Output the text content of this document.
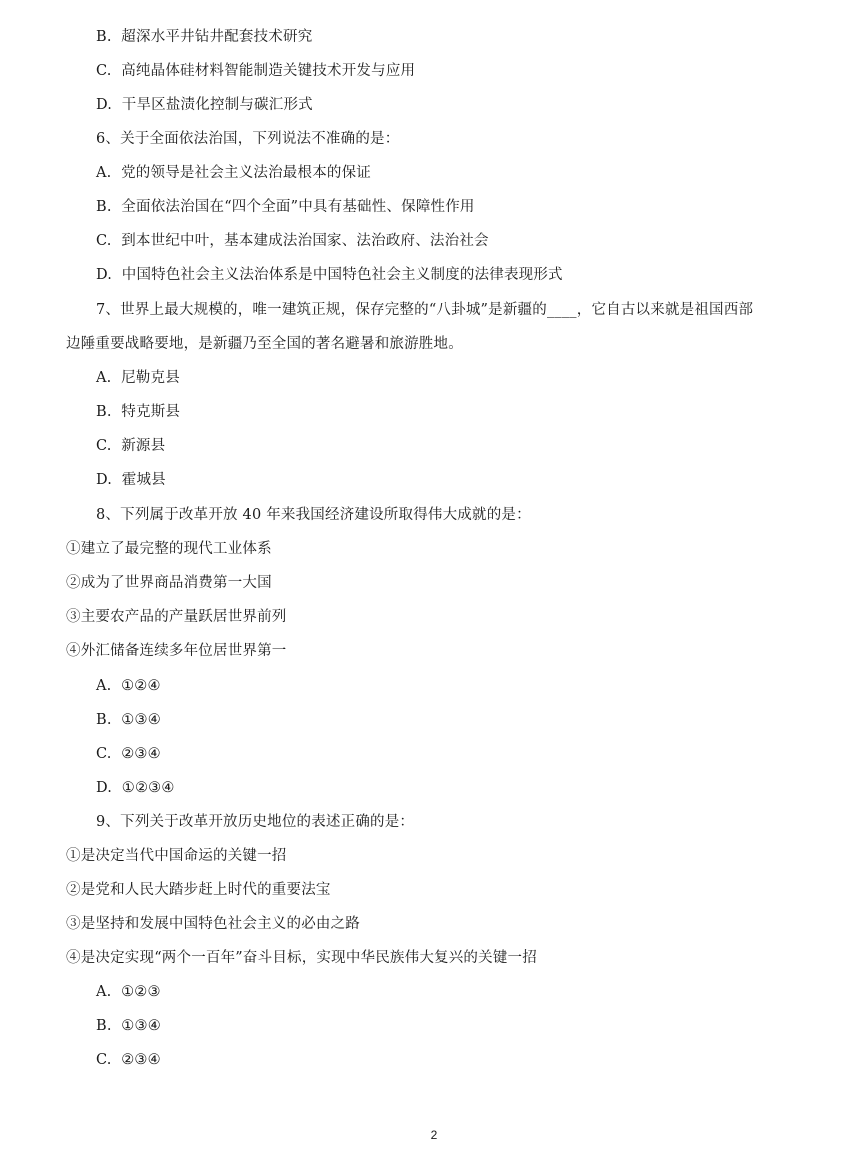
B. 超深水平井钻井配套技术研究
C. 高纯晶体硅材料智能制造关键技术开发与应用
D. 干旱区盐渍化控制与碳汇形式
6、关于全面依法治国，下列说法不准确的是：
A. 党的领导是社会主义法治最根本的保证
B. 全面依法治国在“四个全面”中具有基础性、保障性作用
C. 到本世纪中叶，基本建成法治国家、法治政府、法治社会
D. 中国特色社会主义法治体系是中国特色社会主义制度的法律表现形式
7、世界上最大规模的，唯一建筑正规，保存完整的“八卦城”是新疆的____，它自古以来就是祖国西部
边陲重要战略要地，是新疆乃至全国的著名避暑和旅游胜地。
A. 尼勒克县
B. 特克斯县
C. 新源县
D. 霍城县
8、下列属于改革开放 40 年来我国经济建设所取得伟大成就的是：
①建立了最完整的现代工业体系
②成为了世界商品消费第一大国
③主要农产品的产量跃居世界前列
④外汇储备连续多年位居世界第一
A. ①②④
B. ①③④
C. ②③④
D. ①②③④
9、下列关于改革开放历史地位的表述正确的是：
①是决定当代中国命运的关键一招
②是党和人民大踏步赶上时代的重要法宝
③是坚持和发展中国特色社会主义的必由之路
④是决定实现“两个一百年”奋斗目标，实现中华民族伟大复兴的关键一招
A. ①②③
B. ①③④
C. ②③④
2
